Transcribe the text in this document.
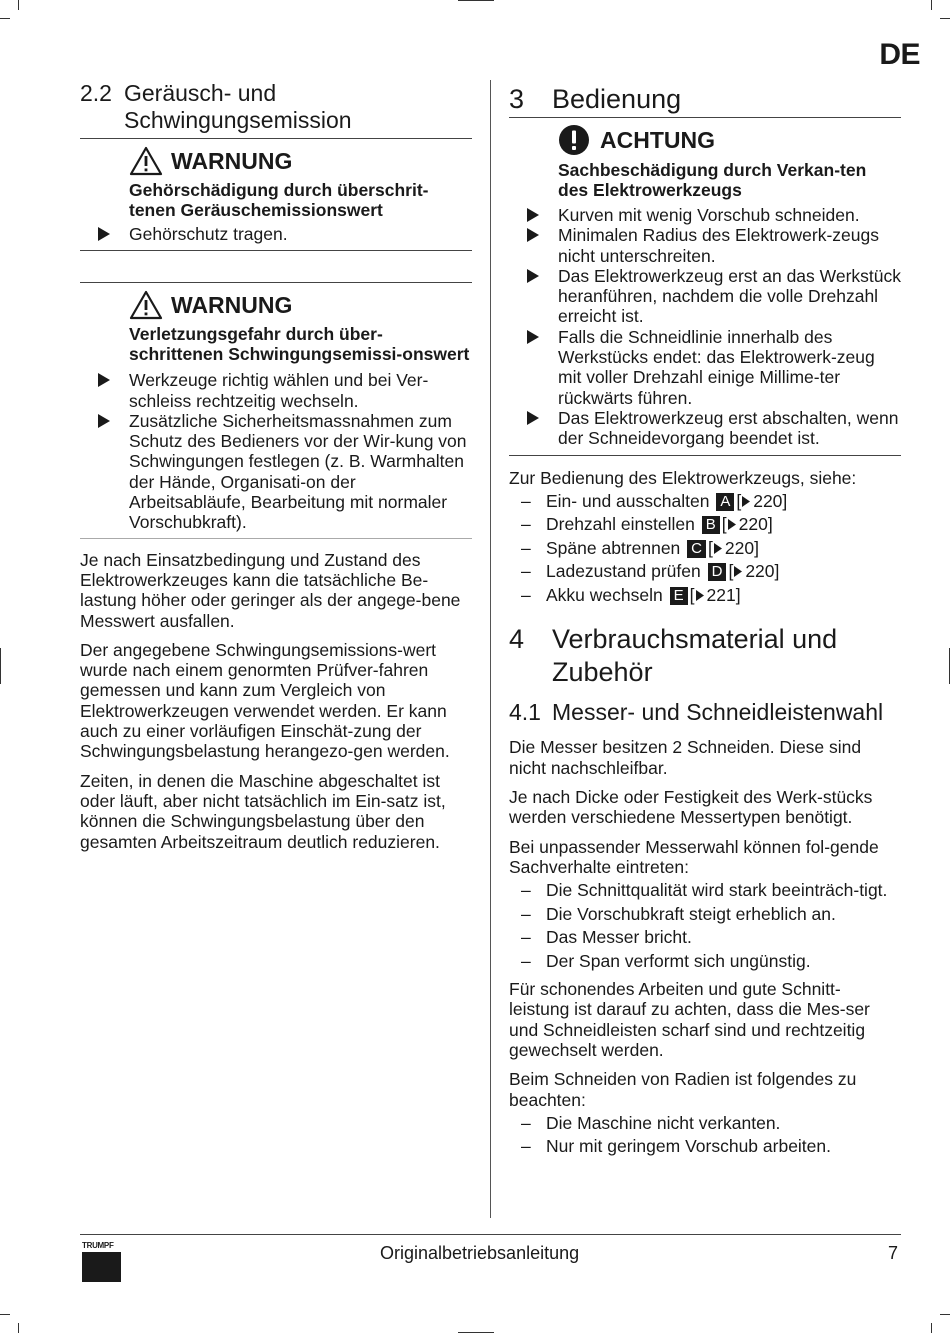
DE
2.2 Geräusch- und Schwingungsemission
WARNUNG
Gehörschädigung durch überschrit-tenen Geräuschemissionswert
Gehörschutz tragen.
WARNUNG
Verletzungsgefahr durch über-schrittenen Schwingungsemissi-onswert
Werkzeuge richtig wählen und bei Ver-schleiss rechtzeitig wechseln.
Zusätzliche Sicherheitsmassnahmen zum Schutz des Bedieners vor der Wir-kung von Schwingungen festlegen (z. B. Warmhalten der Hände, Organisati-on der Arbeitsabläufe, Bearbeitung mit normaler Vorschubkraft).

Je nach Einsatzbedingung und Zustand des Elektrowerkzeuges kann die tatsächliche Be-lastung höher oder geringer als der angege-bene Messwert ausfallen.

Der angegebene Schwingungsemissions-wert wurde nach einem genormten Prüfver-fahren gemessen und kann zum Vergleich von Elektrowerkzeugen verwendet werden. Er kann auch zu einer vorläufigen Einschät-zung der Schwingungsbelastung herangezo-gen werden.

Zeiten, in denen die Maschine abgeschaltet ist oder läuft, aber nicht tatsächlich im Ein-satz ist, können die Schwingungsbelastung über den gesamten Arbeitszeitraum deutlich reduzieren.

3	Bedienung
ACHTUNG
Sachbeschädigung durch Verkan-ten des Elektrowerkzeugs
Kurven mit wenig Vorschub schneiden.
Minimalen Radius des Elektrowerk-zeugs nicht unterschreiten.
Das Elektrowerkzeug erst an das Werkstück heranführen, nachdem die volle Drehzahl erreicht ist.
Falls die Schneidlinie innerhalb des Werkstücks endet: das Elektrowerk-zeug mit voller Drehzahl einige Millime-ter rückwärts führen.
Das Elektrowerkzeug erst abschalten, wenn der Schneidevorgang beendet ist.

Zur Bedienung des Elektrowerkzeugs, siehe:

– Ein- und ausschalten A [ 220]
– Drehzahl einstellen B [ 220]
– Späne abtrennen C [ 220]
– Ladezustand prüfen D [ 220]
– Akku wechseln E [ 221]
4	Verbrauchsmaterial und Zubehör
4.1 Messer- und Schneidleistenwahl

Die Messer besitzen 2 Schneiden. Diese sind nicht nachschleifbar.

Je nach Dicke oder Festigkeit des Werk-stücks werden verschiedene Messertypen benötigt.

Bei unpassender Messerwahl können fol-gende Sachverhalte eintreten:

– Die Schnittqualität wird stark beeinträch-tigt.
– Die Vorschubkraft steigt erheblich an.
– Das Messer bricht.
– Der Span verformt sich ungünstig.

Für schonendes Arbeiten und gute Schnitt-leistung ist darauf zu achten, dass die Mes-ser und Schneidleisten scharf sind und rechtzeitig gewechselt werden.

Beim Schneiden von Radien ist folgendes zu beachten:

– Die Maschine nicht verkanten.
– Nur mit geringem Vorschub arbeiten.
TRUMPF	Originalbetriebsanleitung	7
